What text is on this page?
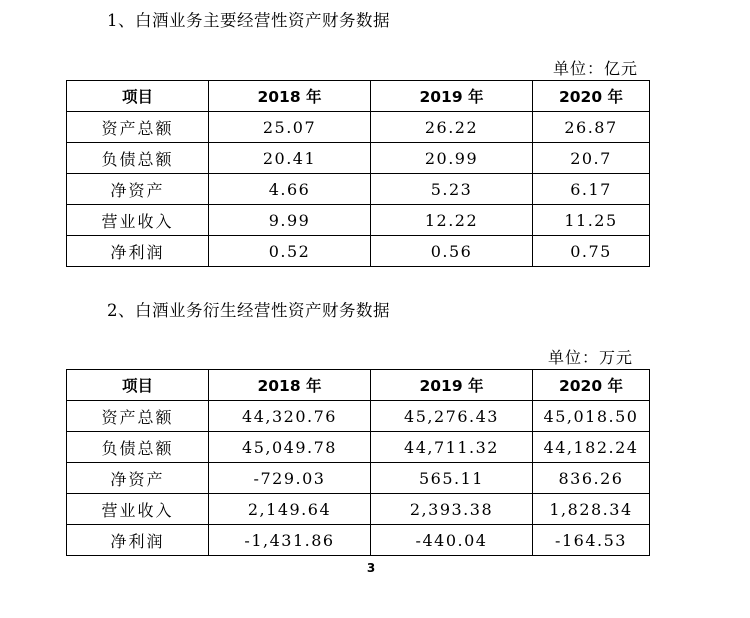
1、白酒业务主要经营性资产财务数据
单位：亿元
项目	2018 年	2019 年	2020 年
资产总额	25.07	26.22	26.87
负债总额	20.41	20.99	20.7
净资产	4.66	5.23	6.17
营业收入	9.99	12.22	11.25
净利润	0.52	0.56	0.75
2、白酒业务衍生经营性资产财务数据
单位：万元
项目	2018 年	2019 年	2020 年
资产总额	44,320.76	45,276.43	45,018.50
负债总额	45,049.78	44,711.32	44,182.24
净资产	-729.03	565.11	836.26
营业收入	2,149.64	2,393.38	1,828.34
净利润	-1,431.86	-440.04	-164.53
3
